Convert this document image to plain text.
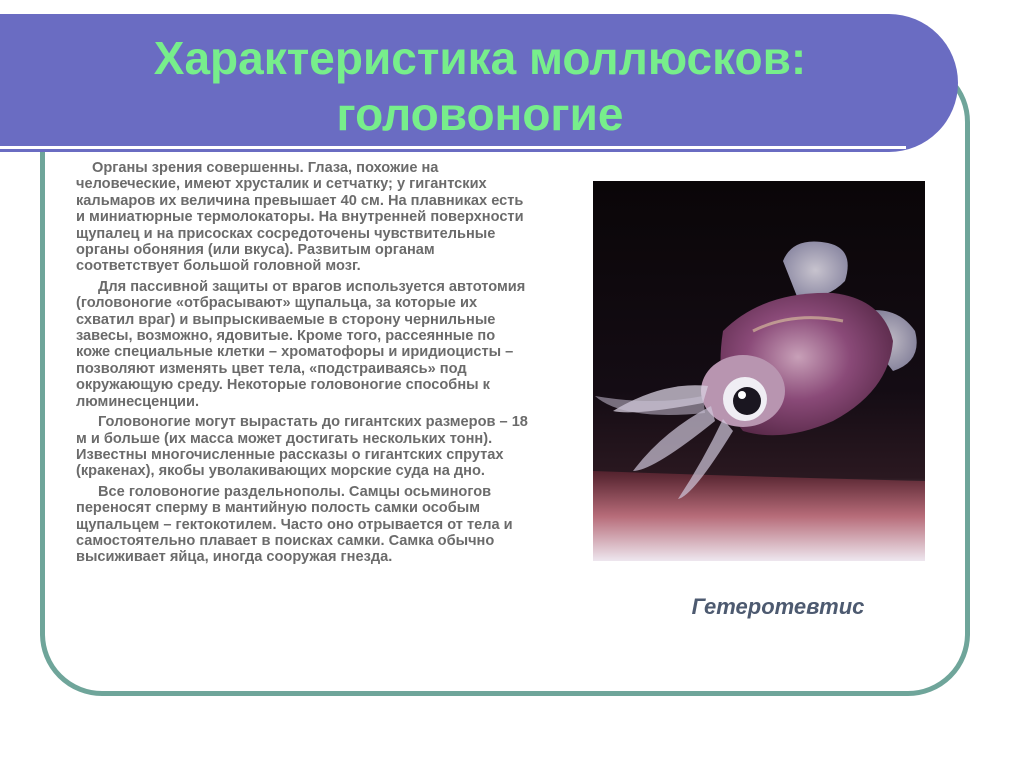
Характеристика моллюсков:
головоногие

Органы зрения совершенны. Глаза, похожие на человеческие, имеют хрусталик и сетчатку; у гигантских кальмаров их величина превышает 40 см. На плавниках есть и миниатюрные термолокаторы. На внутренней поверхности щупалец и на присосках сосредоточены чувствительные органы обоняния (или вкуса). Развитым органам соответствует большой головной мозг.

Для пассивной защиты от врагов используется автотомия (головоногие «отбрасывают» щупальца, за которые их схватил враг) и выпрыскиваемые в сторону чернильные завесы, возможно, ядовитые. Кроме того, рассеянные по коже специальные клетки – хроматофоры и иридиоцисты – позволяют изменять цвет тела, «подстраиваясь» под окружающую среду. Некоторые головоногие способны к люминесценции.

Головоногие могут вырастать до гигантских размеров – 18 м и больше (их масса может достигать нескольких тонн). Известны многочисленные рассказы о гигантских спрутах (кракенах), якобы уволакивающих морские суда на дно.

Все головоногие раздельнополы. Самцы осьминогов переносят сперму в мантийную полость самки особым щупальцем – гектокотилем. Часто оно отрывается от тела и самостоятельно плавает в поисках самки. Самка обычно высиживает яйца, иногда сооружая гнезда.

Гетеротевтис
